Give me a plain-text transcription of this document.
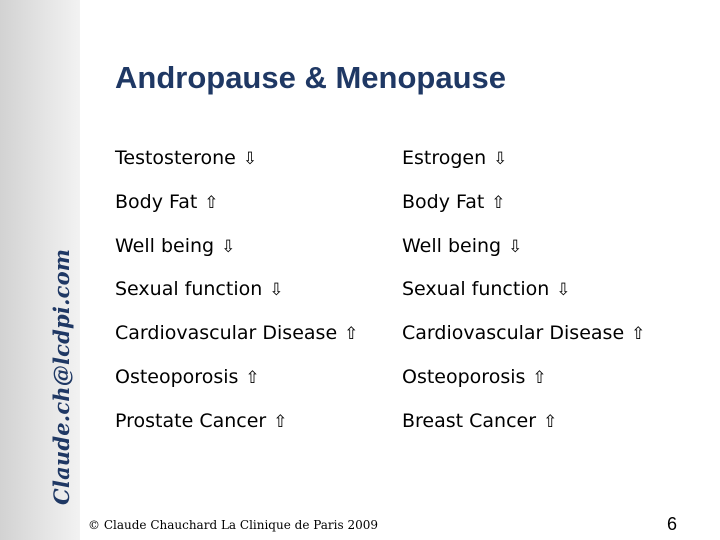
Claude.ch@lcdpi.com
Andropause & Menopause
Testosterone ⇩
Body Fat ⇧
Well being ⇩
Sexual function ⇩
Cardiovascular Disease ⇧
Osteoporosis ⇧
Prostate Cancer ⇧
Estrogen ⇩
Body Fat ⇧
Well being ⇩
Sexual function ⇩
Cardiovascular Disease ⇧
Osteoporosis ⇧
Breast Cancer ⇧
© Claude Chauchard La Clinique de Paris 2009	6
